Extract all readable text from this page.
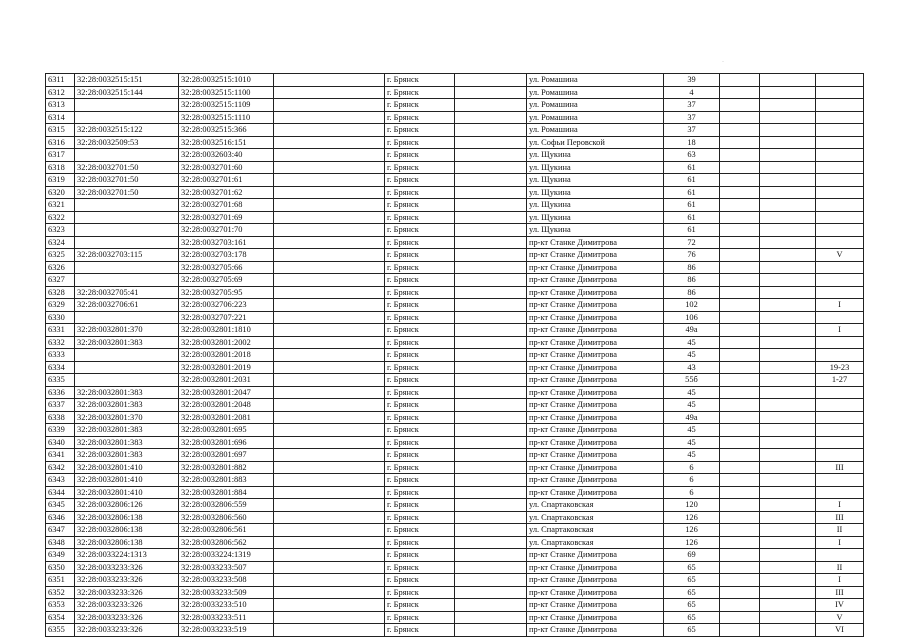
·
6311	32:28:0032515:151	32:28:0032515:1010		г. Брянск		ул. Ромашина	39			
6312	32:28:0032515:144	32:28:0032515:1100		г. Брянск		ул. Ромашина	4			
6313		32:28:0032515:1109		г. Брянск		ул. Ромашина	37			
6314		32:28:0032515:1110		г. Брянск		ул. Ромашина	37			
6315	32:28:0032515:122	32:28:0032515:366		г. Брянск		ул. Ромашина	37			
6316	32:28:0032509:53	32:28:0032516:151		г. Брянск		ул. Софьи Перовской	18			
6317		32:28:0032603:40		г. Брянск		ул. Щукина	63			
6318	32:28:0032701:50	32:28:0032701:60		г. Брянск		ул. Щукина	61			
6319	32:28:0032701:50	32:28:0032701:61		г. Брянск		ул. Щукина	61			
6320	32:28:0032701:50	32:28:0032701:62		г. Брянск		ул. Щукина	61			
6321		32:28:0032701:68		г. Брянск		ул. Щукина	61			
6322		32:28:0032701:69		г. Брянск		ул. Щукина	61			
6323		32:28:0032701:70		г. Брянск		ул. Щукина	61			
6324		32:28:0032703:161		г. Брянск		пр-кт Станке Димитрова	72			
6325	32:28:0032703:115	32:28:0032703:178		г. Брянск		пр-кт Станке Димитрова	76			V
6326		32:28:0032705:66		г. Брянск		пр-кт Станке Димитрова	86			
6327		32:28:0032705:69		г. Брянск		пр-кт Станке Димитрова	86			
6328	32:28:0032705:41	32:28:0032705:95		г. Брянск		пр-кт Станке Димитрова	86			
6329	32:28:0032706:61	32:28:0032706:223		г. Брянск		пр-кт Станке Димитрова	102			I
6330		32:28:0032707:221		г. Брянск		пр-кт Станке Димитрова	106			
6331	32:28:0032801:370	32:28:0032801:1810		г. Брянск		пр-кт Станке Димитрова	49а			I
6332	32:28:0032801:383	32:28:0032801:2002		г. Брянск		пр-кт Станке Димитрова	45			
6333		32:28:0032801:2018		г. Брянск		пр-кт Станке Димитрова	45			
6334		32:28:0032801:2019		г. Брянск		пр-кт Станке Димитрова	43			19-23
6335		32:28:0032801:2031		г. Брянск		пр-кт Станке Димитрова	55б			1-27
6336	32:28:0032801:383	32:28:0032801:2047		г. Брянск		пр-кт Станке Димитрова	45			
6337	32:28:0032801:383	32:28:0032801:2048		г. Брянск		пр-кт Станке Димитрова	45			
6338	32:28:0032801:370	32:28:0032801:2081		г. Брянск		пр-кт Станке Димитрова	49а			
6339	32:28:0032801:383	32:28:0032801:695		г. Брянск		пр-кт Станке Димитрова	45			
6340	32:28:0032801:383	32:28:0032801:696		г. Брянск		пр-кт Станке Димитрова	45			
6341	32:28:0032801:383	32:28:0032801:697		г. Брянск		пр-кт Станке Димитрова	45			
6342	32:28:0032801:410	32:28:0032801:882		г. Брянск		пр-кт Станке Димитрова	6			III
6343	32:28:0032801:410	32:28:0032801:883		г. Брянск		пр-кт Станке Димитрова	6			
6344	32:28:0032801:410	32:28:0032801:884		г. Брянск		пр-кт Станке Димитрова	6			
6345	32:28:0032806:126	32:28:0032806:559		г. Брянск		ул. Спартаковская	120			I
6346	32:28:0032806:138	32:28:0032806:560		г. Брянск		ул. Спартаковская	126			III
6347	32:28:0032806:138	32:28:0032806:561		г. Брянск		ул. Спартаковская	126			II
6348	32:28:0032806:138	32:28:0032806:562		г. Брянск		ул. Спартаковская	126			I
6349	32:28:0033224:1313	32:28:0033224:1319		г. Брянск		пр-кт Станке Димитрова	69			
6350	32:28:0033233:326	32:28:0033233:507		г. Брянск		пр-кт Станке Димитрова	65			II
6351	32:28:0033233:326	32:28:0033233:508		г. Брянск		пр-кт Станке Димитрова	65			I
6352	32:28:0033233:326	32:28:0033233:509		г. Брянск		пр-кт Станке Димитрова	65			III
6353	32:28:0033233:326	32:28:0033233:510		г. Брянск		пр-кт Станке Димитрова	65			IV
6354	32:28:0033233:326	32:28:0033233:511		г. Брянск		пр-кт Станке Димитрова	65			V
6355	32:28:0033233:326	32:28:0033233:519		г. Брянск		пр-кт Станке Димитрова	65			VI
